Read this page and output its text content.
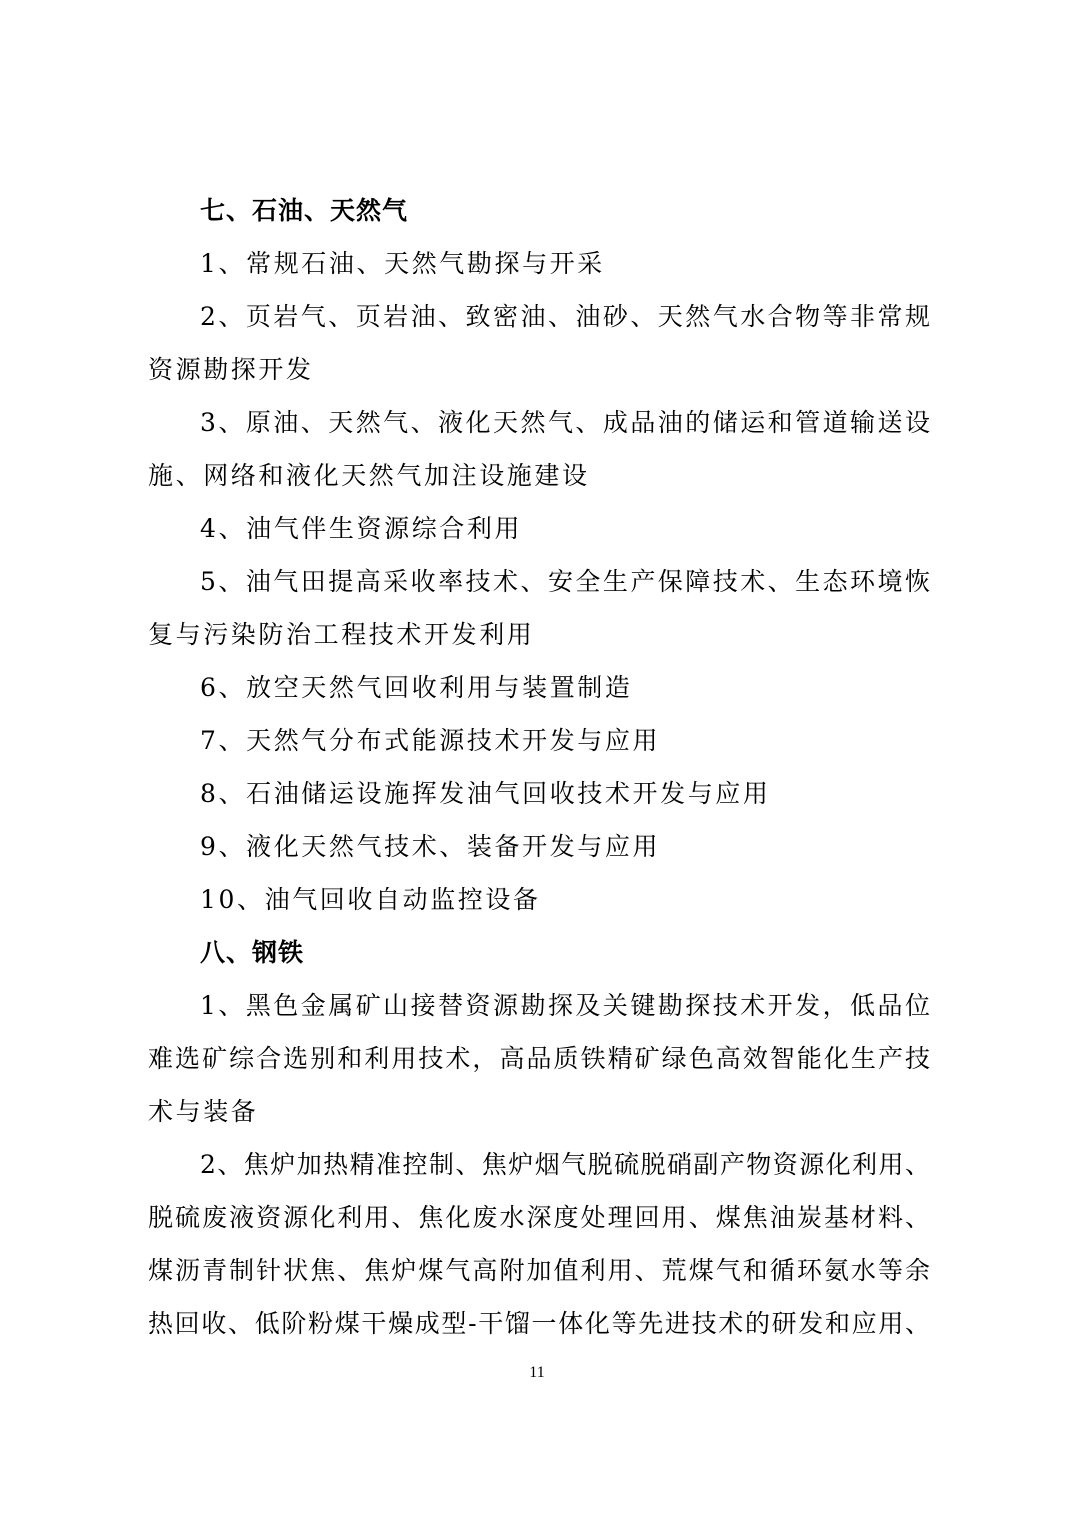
七、石油、天然气
1、常规石油、天然气勘探与开采
2、页岩气、页岩油、致密油、油砂、天然气水合物等非常规
资源勘探开发
3、原油、天然气、液化天然气、成品油的储运和管道输送设
施、网络和液化天然气加注设施建设
4、油气伴生资源综合利用
5、油气田提高采收率技术、安全生产保障技术、生态环境恢
复与污染防治工程技术开发利用
6、放空天然气回收利用与装置制造
7、天然气分布式能源技术开发与应用
8、石油储运设施挥发油气回收技术开发与应用
9、液化天然气技术、装备开发与应用
10、油气回收自动监控设备
八、钢铁
1、黑色金属矿山接替资源勘探及关键勘探技术开发，低品位
难选矿综合选别和利用技术，高品质铁精矿绿色高效智能化生产技
术与装备
2、焦炉加热精准控制、焦炉烟气脱硫脱硝副产物资源化利用、
脱硫废液资源化利用、焦化废水深度处理回用、煤焦油炭基材料、
煤沥青制针状焦、焦炉煤气高附加值利用、荒煤气和循环氨水等余
热回收、低阶粉煤干燥成型-干馏一体化等先进技术的研发和应用、
11
